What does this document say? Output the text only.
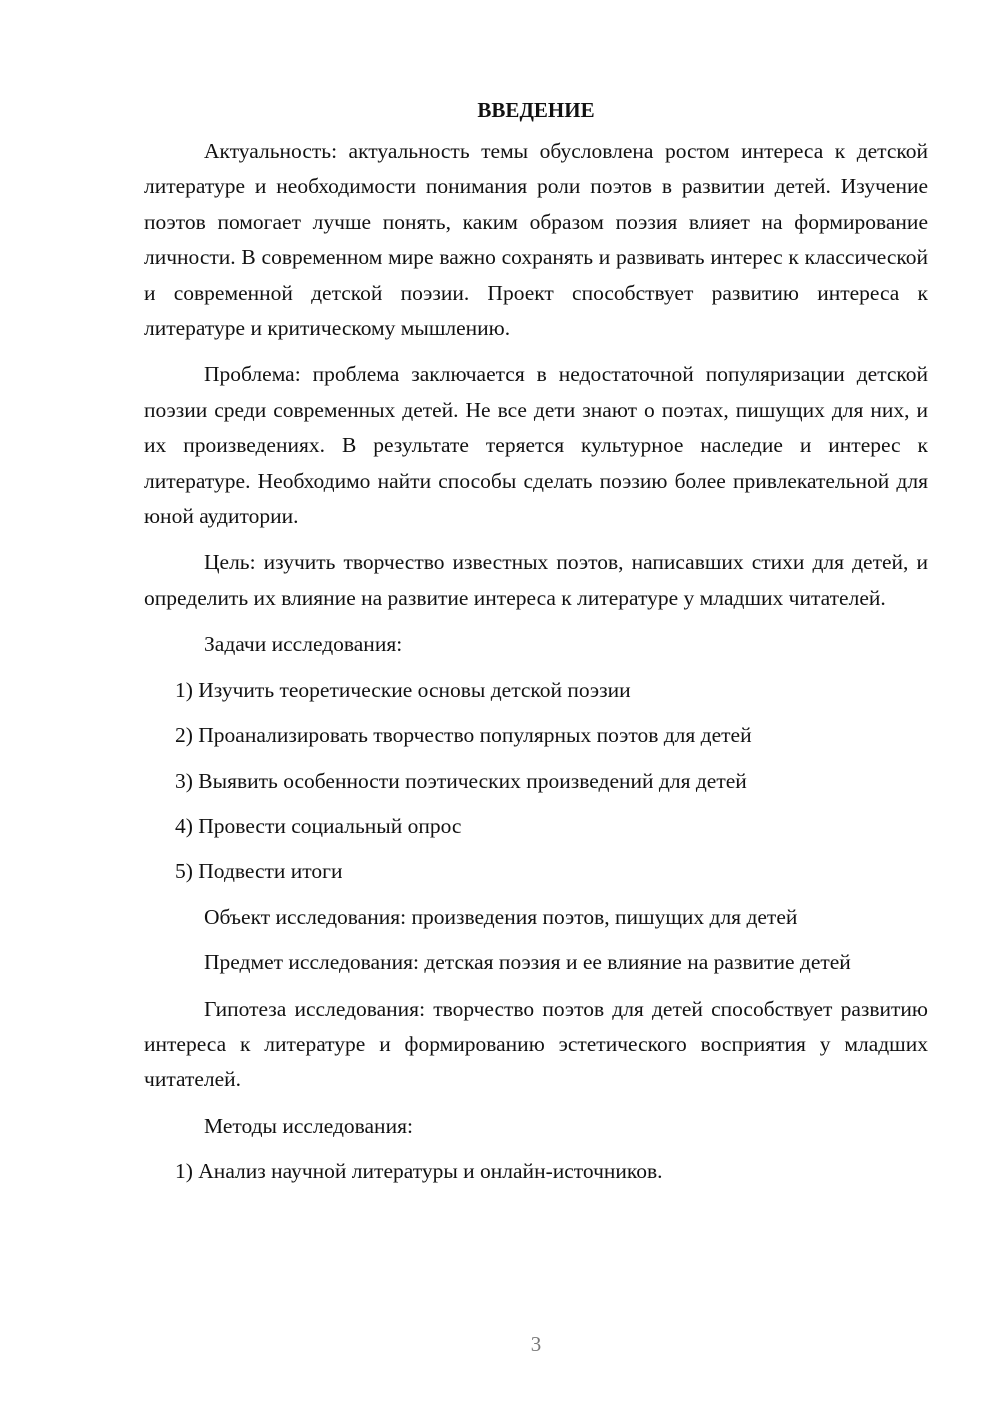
ВВЕДЕНИЕ

Актуальность: актуальность темы обусловлена ростом интереса к детской литературе и необходимости понимания роли поэтов в развитии детей. Изучение поэтов помогает лучше понять, каким образом поэзия влияет на формирование личности. В современном мире важно сохранять и развивать интерес к классической и современной детской поэзии. Проект способствует развитию интереса к литературе и критическому мышлению.

Проблема: проблема заключается в недостаточной популяризации детской поэзии среди современных детей. Не все дети знают о поэтах, пишущих для них, и их произведениях. В результате теряется культурное наследие и интерес к литературе. Необходимо найти способы сделать поэзию более привлекательной для юной аудитории.

Цель: изучить творчество известных поэтов, написавших стихи для детей, и определить их влияние на развитие интереса к литературе у младших читателей.

Задачи исследования:

1) Изучить теоретические основы детской поэзии

2) Проанализировать творчество популярных поэтов для детей

3) Выявить особенности поэтических произведений для детей

4) Провести социальный опрос

5) Подвести итоги

Объект исследования: произведения поэтов, пишущих для детей

Предмет исследования: детская поэзия и ее влияние на развитие детей

Гипотеза исследования: творчество поэтов для детей способствует развитию интереса к литературе и формированию эстетического восприятия у младших читателей.

Методы исследования:

1) Анализ научной литературы и онлайн-источников.

3
